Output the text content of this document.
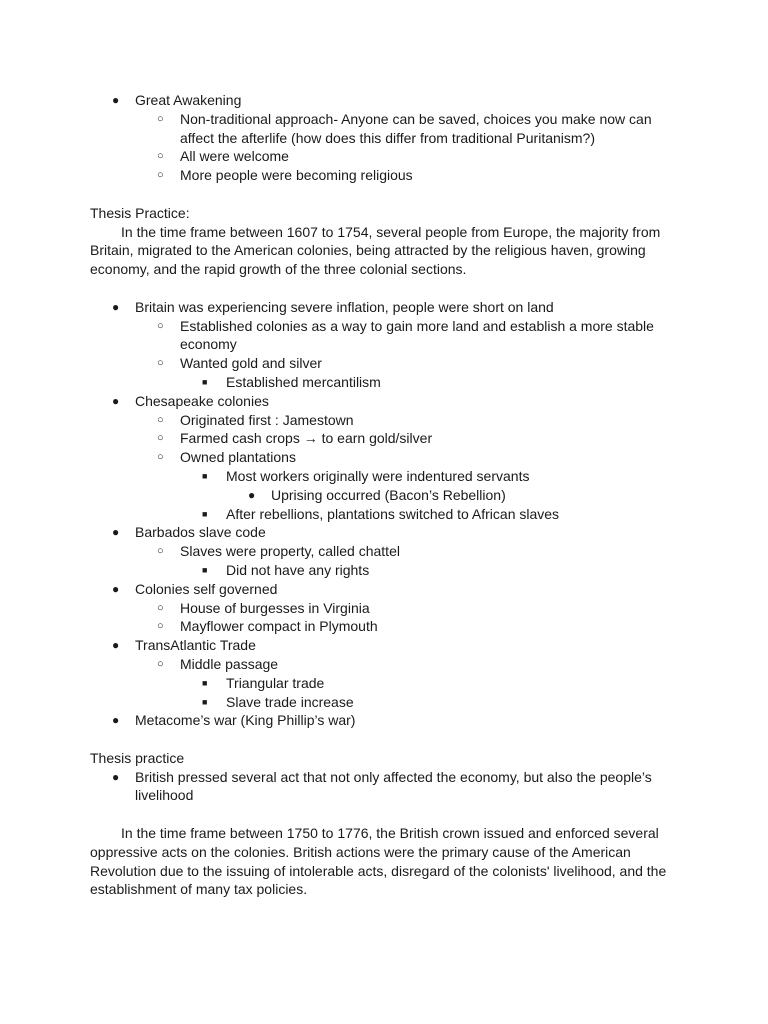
● Great Awakening
○ Non-traditional approach- Anyone can be saved, choices you make now can affect the afterlife (how does this differ from traditional Puritanism?)
○ All were welcome
○ More people were becoming religious

Thesis Practice:

In the time frame between 1607 to 1754, several people from Europe, the majority from Britain, migrated to the American colonies, being attracted by the religious haven, growing economy, and the rapid growth of the three colonial sections.

● Britain was experiencing severe inflation, people were short on land
○ Established colonies as a way to gain more land and establish a more stable economy
○ Wanted gold and silver
■ Established mercantilism
● Chesapeake colonies
○ Originated first : Jamestown
○ Farmed cash crops → to earn gold/silver
○ Owned plantations
■ Most workers originally were indentured servants
● Uprising occurred (Bacon’s Rebellion)
■ After rebellions, plantations switched to African slaves
● Barbados slave code
○ Slaves were property, called chattel
■ Did not have any rights
● Colonies self governed
○ House of burgesses in Virginia
○ Mayflower compact in Plymouth
● TransAtlantic Trade
○ Middle passage
■ Triangular trade
■ Slave trade increase
● Metacome’s war (King Phillip’s war)

Thesis practice

● British pressed several act that not only affected the economy, but also the people’s livelihood

In the time frame between 1750 to 1776, the British crown issued and enforced several oppressive acts on the colonies. British actions were the primary cause of the American Revolution due to the issuing of intolerable acts, disregard of the colonists' livelihood, and the establishment of many tax policies.
